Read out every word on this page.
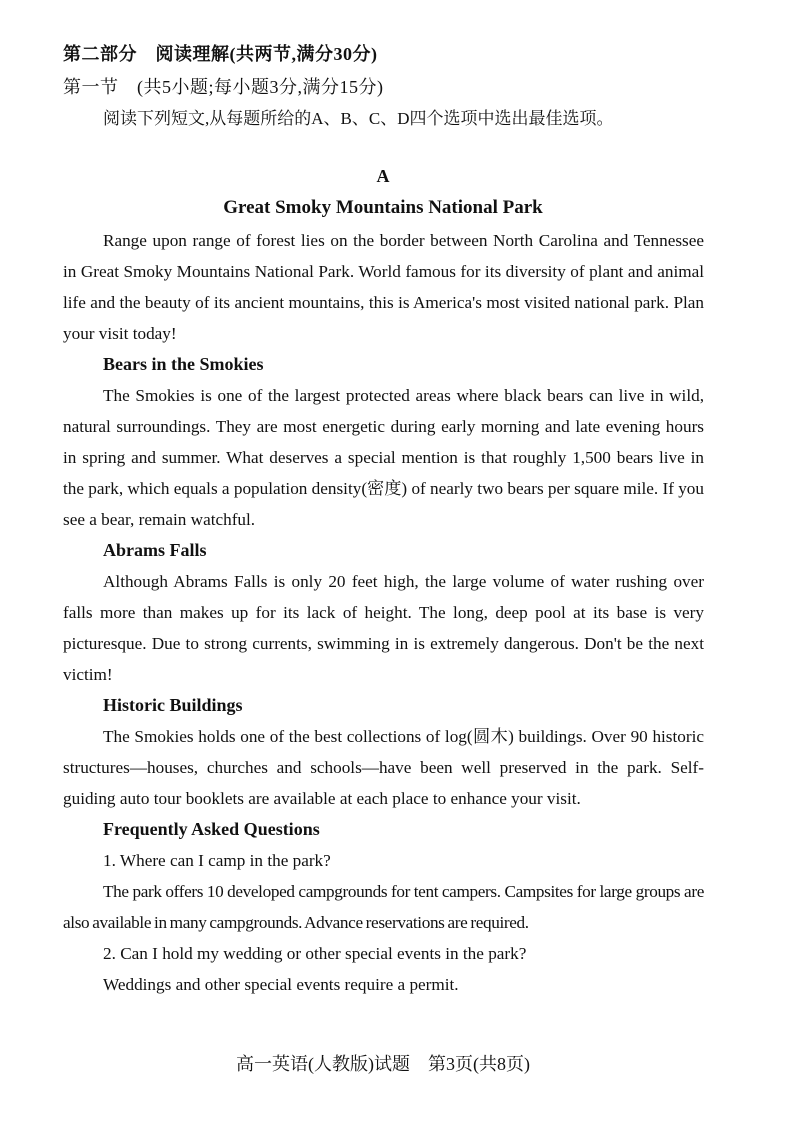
第二部分　阅读理解(共两节,满分30分)
第一节　(共5小题;每小题3分,满分15分)
阅读下列短文,从每题所给的A、B、C、D四个选项中选出最佳选项。
A
Great Smoky Mountains National Park

Range upon range of forest lies on the border between North Carolina and Tennessee in Great Smoky Mountains National Park. World famous for its diversity of plant and animal life and the beauty of its ancient mountains, this is America's most visited national park. Plan your visit today!

Bears in the Smokies

The Smokies is one of the largest protected areas where black bears can live in wild, natural surroundings. They are most energetic during early morning and late evening hours in spring and summer. What deserves a special mention is that roughly 1,500 bears live in the park, which equals a population density(密度) of nearly two bears per square mile. If you see a bear, remain watchful.

Abrams Falls

Although Abrams Falls is only 20 feet high, the large volume of water rushing over falls more than makes up for its lack of height. The long, deep pool at its base is very picturesque. Due to strong currents, swimming in is extremely dangerous. Don't be the next victim!

Historic Buildings

The Smokies holds one of the best collections of log(圆木) buildings. Over 90 historic structures—houses, churches and schools—have been well preserved in the park. Self-guiding auto tour booklets are available at each place to enhance your visit.

Frequently Asked Questions
1. Where can I camp in the park?
The park offers 10 developed campgrounds for tent campers. Campsites for large groups are also available in many campgrounds. Advance reservations are required.
2. Can I hold my wedding or other special events in the park?
Weddings and other special events require a permit.
高一英语(人教版)试题　第3页(共8页)
